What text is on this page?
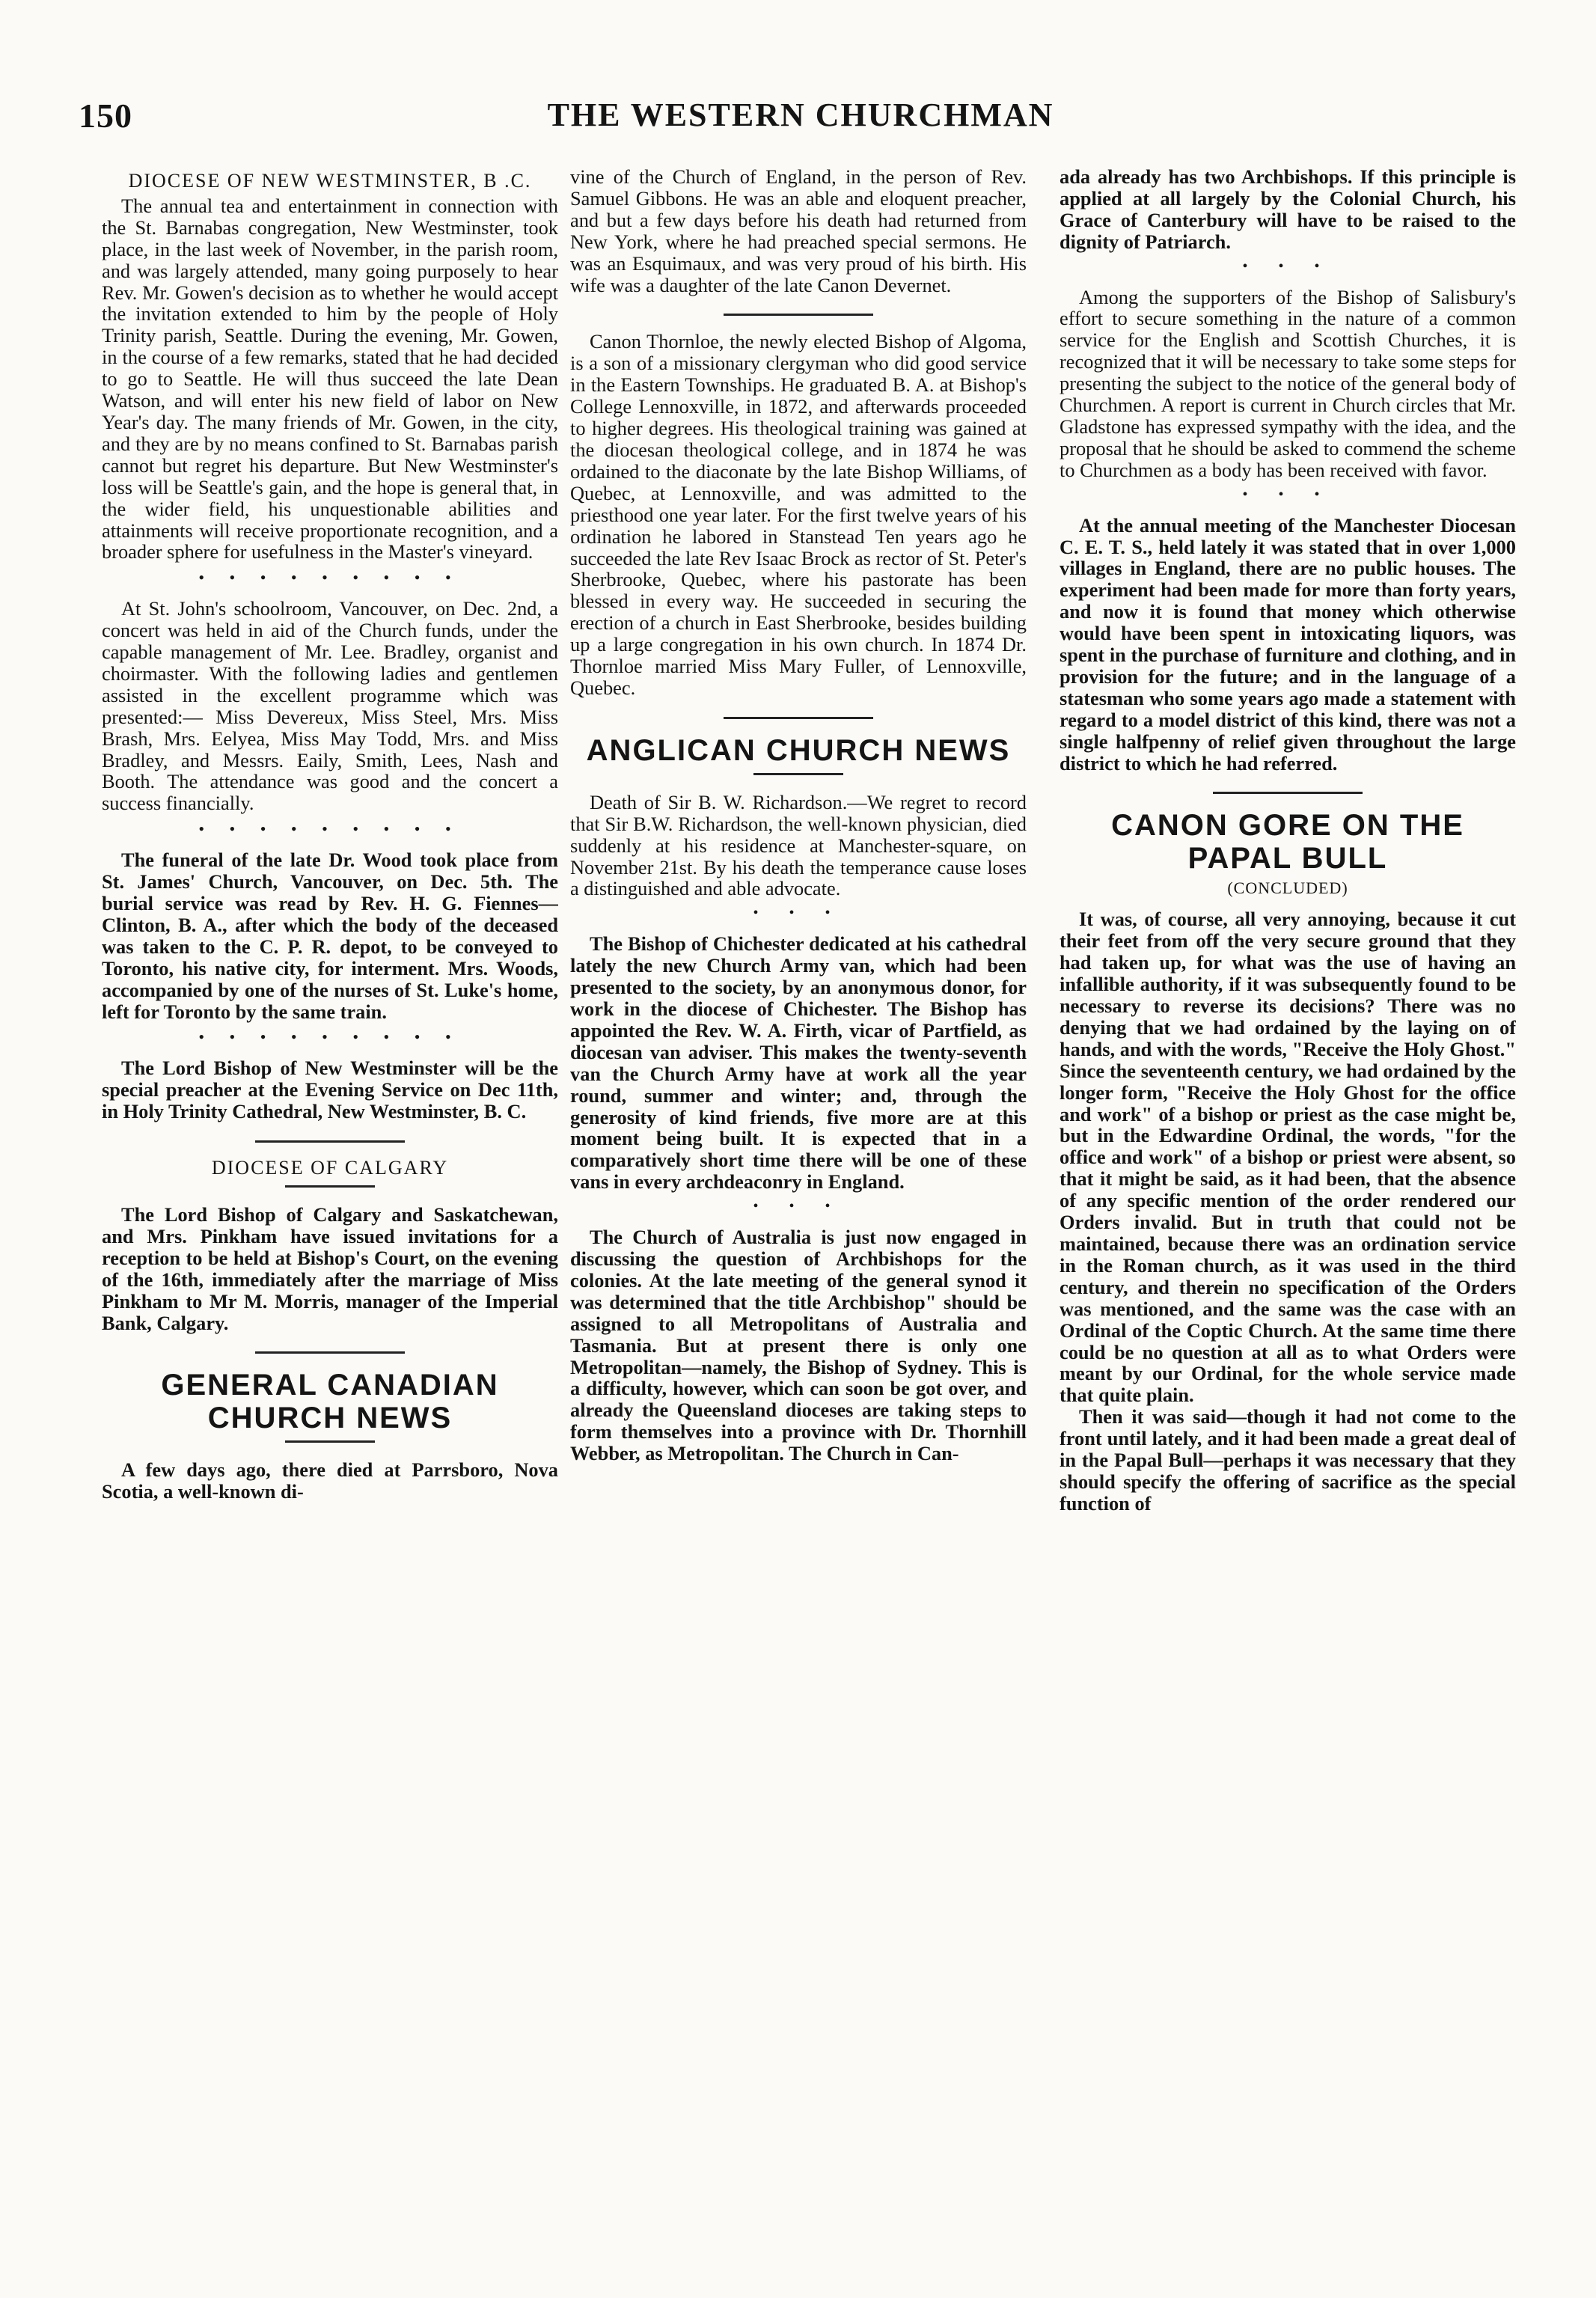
150	THE WESTERN CHURCHMAN
DIOCESE OF NEW WESTMINSTER, B .C.

The annual tea and entertainment in connection with the St. Barnabas congregation, New Westminster, took place, in the last week of November, in the parish room, and was largely attended, many going purposely to hear Rev. Mr. Gowen's decision as to whether he would accept the invitation extended to him by the people of Holy Trinity parish, Seattle. During the evening, Mr. Gowen, in the course of a few remarks, stated that he had decided to go to Seattle. He will thus succeed the late Dean Watson, and will enter his new field of labor on New Year's day. The many friends of Mr. Gowen, in the city, and they are by no means confined to St. Barnabas parish cannot but regret his departure. But New Westminster's loss will be Seattle's gain, and the hope is general that, in the wider field, his unquestionable abilities and attainments will receive proportionate recognition, and a broader sphere for usefulness in the Master's vineyard.

• • • • • • • • •

At St. John's schoolroom, Vancouver, on Dec. 2nd, a concert was held in aid of the Church funds, under the capable management of Mr. Lee. Bradley, organist and choirmaster. With the following ladies and gentlemen assisted in the excellent programme which was presented:— Miss Devereux, Miss Steel, Mrs. Miss Brash, Mrs. Eelyea, Miss May Todd, Mrs. and Miss Bradley, and Messrs. Eaily, Smith, Lees, Nash and Booth. The attendance was good and the concert a success financially.

• • • • • • • • •

The funeral of the late Dr. Wood took place from St. James' Church, Vancouver, on Dec. 5th. The burial service was read by Rev. H. G. Fiennes—Clinton, B. A., after which the body of the deceased was taken to the C. P. R. depot, to be conveyed to Toronto, his native city, for interment. Mrs. Woods, accompanied by one of the nurses of St. Luke's home, left for Toronto by the same train.

• • • • • • • • •

The Lord Bishop of New Westminster will be the special preacher at the Evening Service on Dec 11th, in Holy Trinity Cathedral, New Westminster, B. C.

DIOCESE OF CALGARY

The Lord Bishop of Calgary and Saskatchewan, and Mrs. Pinkham have issued invitations for a reception to be held at Bishop's Court, on the evening of the 16th, immediately after the marriage of Miss Pinkham to Mr M. Morris, manager of the Imperial Bank, Calgary.

GENERAL CANADIAN CHURCH NEWS

A few days ago, there died at Parrsboro, Nova Scotia, a well-known di-

vine of the Church of England, in the person of Rev. Samuel Gibbons. He was an able and eloquent preacher, and but a few days before his death had returned from New York, where he had preached special sermons. He was an Esquimaux, and was very proud of his birth. His wife was a daughter of the late Canon Devernet.

Canon Thornloe, the newly elected Bishop of Algoma, is a son of a missionary clergyman who did good service in the Eastern Townships. He graduated B. A. at Bishop's College Lennoxville, in 1872, and afterwards proceeded to higher degrees. His theological training was gained at the diocesan theological college, and in 1874 he was ordained to the diaconate by the late Bishop Williams, of Quebec, at Lennoxville, and was admitted to the priesthood one year later. For the first twelve years of his ordination he labored in Stanstead Ten years ago he succeeded the late Rev Isaac Brock as rector of St. Peter's Sherbrooke, Quebec, where his pastorate has been blessed in every way. He succeeded in securing the erection of a church in East Sherbrooke, besides building up a large congregation in his own church. In 1874 Dr. Thornloe married Miss Mary Fuller, of Lennoxville, Quebec.

ANGLICAN CHURCH NEWS

Death of Sir B. W. Richardson.—We regret to record that Sir B.W. Richardson, the well-known physician, died suddenly at his residence at Manchester-square, on November 21st. By his death the temperance cause loses a distinguished and able advocate.

• • •

The Bishop of Chichester dedicated at his cathedral lately the new Church Army van, which had been presented to the society, by an anonymous donor, for work in the diocese of Chichester. The Bishop has appointed the Rev. W. A. Firth, vicar of Partfield, as diocesan van adviser. This makes the twenty-seventh van the Church Army have at work all the year round, summer and winter; and, through the generosity of kind friends, five more are at this moment being built. It is expected that in a comparatively short time there will be one of these vans in every archdeaconry in England.

• • •

The Church of Australia is just now engaged in discussing the question of Archbishops for the colonies. At the late meeting of the general synod it was determined that the title Archbishop" should be assigned to all Metropolitans of Australia and Tasmania. But at present there is only one Metropolitan—namely, the Bishop of Sydney. This is a difficulty, however, which can soon be got over, and already the Queensland dioceses are taking steps to form themselves into a province with Dr. Thornhill Webber, as Metropolitan. The Church in Can-

ada already has two Archbishops. If this principle is applied at all largely by the Colonial Church, his Grace of Canterbury will have to be raised to the dignity of Patriarch.

• • •

Among the supporters of the Bishop of Salisbury's effort to secure something in the nature of a common service for the English and Scottish Churches, it is recognized that it will be necessary to take some steps for presenting the subject to the notice of the general body of Churchmen. A report is current in Church circles that Mr. Gladstone has expressed sympathy with the idea, and the proposal that he should be asked to commend the scheme to Churchmen as a body has been received with favor.

• • •

At the annual meeting of the Manchester Diocesan C. E. T. S., held lately it was stated that in over 1,000 villages in England, there are no public houses. The experiment had been made for more than forty years, and now it is found that money which otherwise would have been spent in intoxicating liquors, was spent in the purchase of furniture and clothing, and in provision for the future; and in the language of a statesman who some years ago made a statement with regard to a model district of this kind, there was not a single halfpenny of relief given throughout the large district to which he had referred.

CANON GORE ON THE PAPAL BULL
(CONCLUDED)

It was, of course, all very annoying, because it cut their feet from off the very secure ground that they had taken up, for what was the use of having an infallible authority, if it was subsequently found to be necessary to reverse its decisions? There was no denying that we had ordained by the laying on of hands, and with the words, "Receive the Holy Ghost." Since the seventeenth century, we had ordained by the longer form, "Receive the Holy Ghost for the office and work" of a bishop or priest as the case might be, but in the Edwardine Ordinal, the words, "for the office and work" of a bishop or priest were absent, so that it might be said, as it had been, that the absence of any specific mention of the order rendered our Orders invalid. But in truth that could not be maintained, because there was an ordination service in the Roman church, as it was used in the third century, and therein no specification of the Orders was mentioned, and the same was the case with an Ordinal of the Coptic Church. At the same time there could be no question at all as to what Orders were meant by our Ordinal, for the whole service made that quite plain.

Then it was said—though it had not come to the front until lately, and it had been made a great deal of in the Papal Bull—perhaps it was necessary that they should specify the offering of sacrifice as the special function of
